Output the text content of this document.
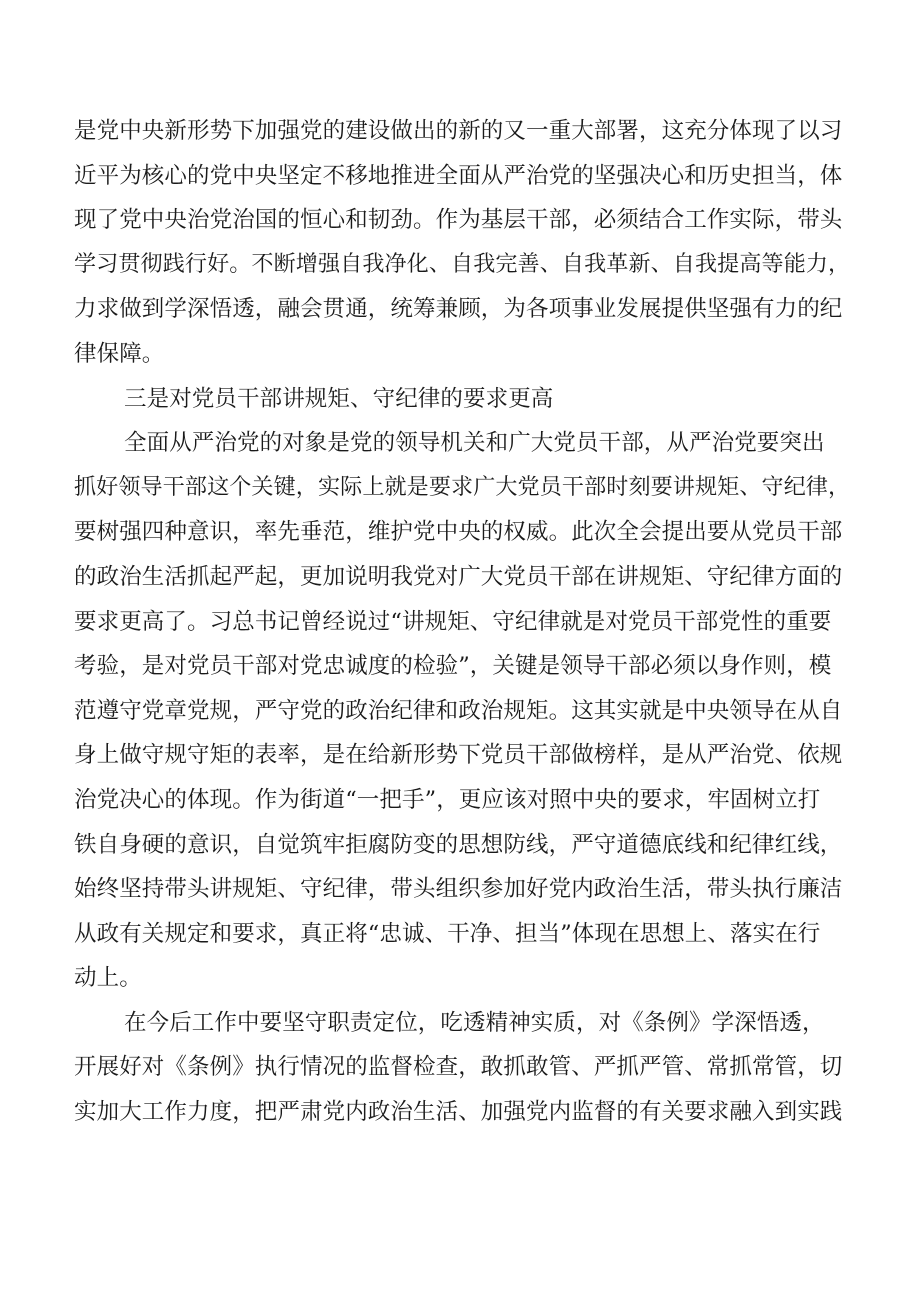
是党中央新形势下加强党的建设做出的新的又一重大部署，这充分体现了以习
近平为核心的党中央坚定不移地推进全面从严治党的坚强决心和历史担当，体
现了党中央治党治国的恒心和韧劲。作为基层干部，必须结合工作实际，带头
学习贯彻践行好。不断增强自我净化、自我完善、自我革新、自我提高等能力，
力求做到学深悟透，融会贯通，统筹兼顾，为各项事业发展提供坚强有力的纪
律保障。
三是对党员干部讲规矩、守纪律的要求更高
全面从严治党的对象是党的领导机关和广大党员干部，从严治党要突出
抓好领导干部这个关键，实际上就是要求广大党员干部时刻要讲规矩、守纪律，
要树强四种意识，率先垂范，维护党中央的权威。此次全会提出要从党员干部
的政治生活抓起严起，更加说明我党对广大党员干部在讲规矩、守纪律方面的
要求更高了。习总书记曾经说过“讲规矩、守纪律就是对党员干部党性的重要
考验，是对党员干部对党忠诚度的检验”，关键是领导干部必须以身作则，模
范遵守党章党规，严守党的政治纪律和政治规矩。这其实就是中央领导在从自
身上做守规守矩的表率，是在给新形势下党员干部做榜样，是从严治党、依规
治党决心的体现。作为街道“一把手”，更应该对照中央的要求，牢固树立打
铁自身硬的意识，自觉筑牢拒腐防变的思想防线，严守道德底线和纪律红线，
始终坚持带头讲规矩、守纪律，带头组织参加好党内政治生活，带头执行廉洁
从政有关规定和要求，真正将“忠诚、干净、担当”体现在思想上、落实在行
动上。
在今后工作中要坚守职责定位，吃透精神实质，对《条例》学深悟透，
开展好对《条例》执行情况的监督检查，敢抓敢管、严抓严管、常抓常管，切
实加大工作力度，把严肃党内政治生活、加强党内监督的有关要求融入到实践
